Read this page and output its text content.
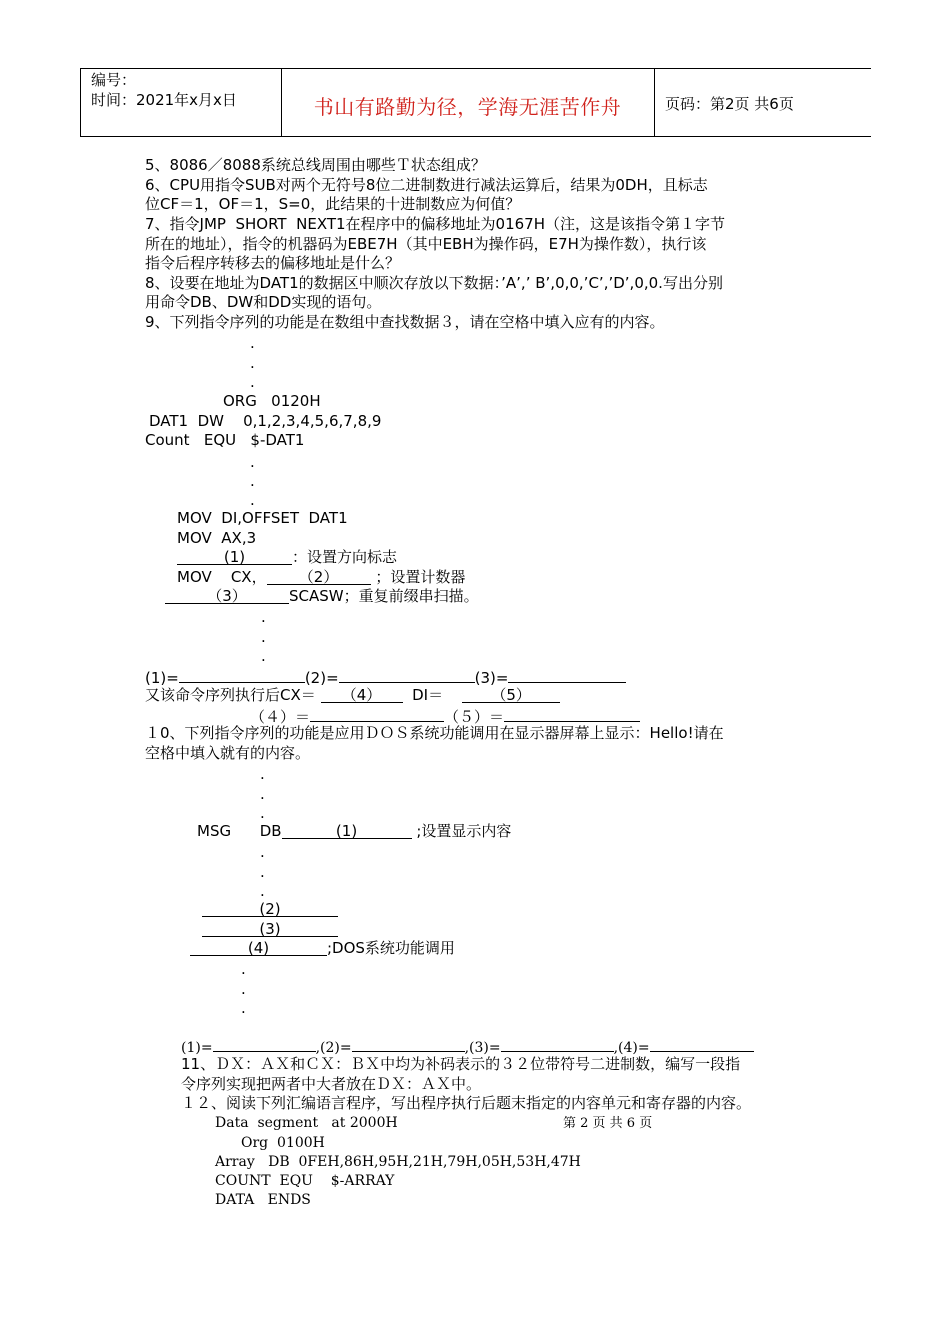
编号：
时间：2021年x月x日	书山有路勤为径，学海无涯苦作舟	页码：第2页 共6页
5、8086／8088系统总线周围由哪些Ｔ状态组成？
6、CPU用指令SUB对两个无符号8位二进制数进行减法运算后，结果为0DH，且标志
位CF＝1，OF＝1，S=0，此结果的十进制数应为何值？
7、指令JMP  SHORT  NEXT1在程序中的偏移地址为0167H（注，这是该指令第１字节
所在的地址），指令的机器码为EBE7H（其中EBH为操作码，E7H为操作数），执行该
指令后程序转移去的偏移地址是什么？
8、设要在地址为DAT1的数据区中顺次存放以下数据：’A’,’ B’,0,0,’C’,’D’,0,0.写出分别
用命令DB、DW和DD实现的语句。
9、下列指令序列的功能是在数组中查找数据３，请在空格中填入应有的内容。
.
.
.
ORG   0120H
DAT1  DW    0,1,2,3,4,5,6,7,8,9
Count   EQU   $-DAT1
.
.
.
MOV  DI,OFFSET  DAT1
MOV  AX,3
(1)	：设置方向标志
MOV    CX， （2） ；设置计数器
（3）	SCASW；重复前缀串扫描。
.
.
.
(1)=	(2)=	(3)=
又该命令序列执行后CX＝ （4） DI＝	（5）
（４）＝	（５）＝
１0、下列指令序列的功能是应用ＤＯＳ系统功能调用在显示器屏幕上显示：Hello!请在
空格中填入就有的内容。
.
.
.
MSG DB	(1)	;设置显示内容
.
.
.
(2)
(3)
(4)	;DOS系统功能调用
.
.
.
(1)=	,(2)=	,(3)=	,(4)=
11、ＤＸ：ＡＸ和ＣＸ：ＢＸ中均为补码表示的３２位带符号二进制数，编写一段指
令序列实现把两者中大者放在ＤＸ：ＡＸ中。
１２、阅读下列汇编语言程序，写出程序执行后题末指定的内容单元和寄存器的内容。
Data  segment   at 2000H	第 2 页 共 6 页
Org  0100H
Array   DB  0FEH,86H,95H,21H,79H,05H,53H,47H
COUNT  EQU    $-ARRAY
DATA   ENDS
